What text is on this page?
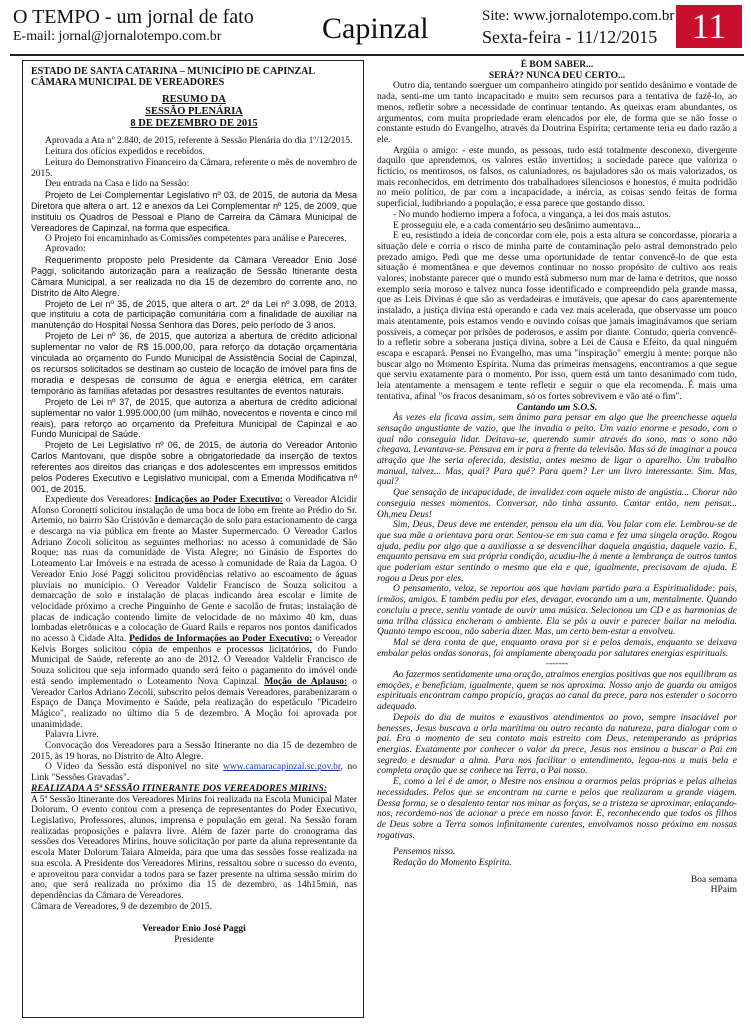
O TEMPO - um jornal de fato
E-mail: jornal@jornalotempo.com.br	Capinzal	Site: www.jornalotempo.com.br
Sexta-feira - 11/12/2015 11

ESTADO DE SANTA CATARINA – MUNICÍPIO DE CAPINZAL

CÂMARA MUNICIPAL DE VEREADORES

RESUMO DA

SESSÃO PLENÁRIA

8 DE DEZEMBRO DE 2015

Aprovada a Ata nº 2.840, de 2015, referente à Sessão Plenária do dia 1º/12/2015.

Leitura dos ofícios expedidos e recebidos.

Leitura do Demonstrativo Financeiro da Câmara, referente o mês de novembro de 2015.

Deu entrada na Casa e lido na Sessão:

Projeto de Lei Complementar Legislativo nº 03, de 2015, de autoria da Mesa Diretora que altera o art. 12 e anexos da Lei Complementar nº 125, de 2009, que instituiu os Quadros de Pessoal e Plano de Carreira da Câmara Municipal de Vereadores de Capinzal, na forma que especifica.

O Projeto foi encaminhado as Comissões competentes para análise e Pareceres.

Aprovado:

Requerimento proposto pelo Presidente da Câmara Vereador Enio José Paggi, solicitando autorização para a realização de Sessão Itinerante desta Câmara Municipal, a ser realizada no dia 15 de dezembro do corrente ano, no Distrito de Alto Alegre.

Projeto de Lei nº 35, de 2015, que altera o art. 2º da Lei nº 3.098, de 2013, que instituiu a cota de participação comunitária com a finalidade de auxiliar na manutenção do Hospital Nossa Senhora das Dores, pelo período de 3 anos.

Projeto de Lei nº 36, de 2015, que autoriza a abertura de crédito adicional suplementar no valor de R$ 15.000,00, para reforço da dotação orçamentária vinculada ao orçamento do Fundo Municipal de Assistência Social de Capinzal, os recursos solicitados se destinam ao custeio de locação de imóvel para fins de moradia e despesas de consumo de água e energia elétrica, em caráter temporário às famílias afetadas por desastres resultantes de eventos naturais.

Projeto de Lei nº 37, de 2015, que autoriza a abertura de crédito adicional suplementar no valor 1.995.000,00 (um milhão, novecentos e noventa e cinco mil reais), para reforço ao orçamento da Prefeitura Municipal de Capinzal e ao Fundo Municipal de Saúde.

Projeto de Lei Legislativo nº 06, de 2015, de autoria do Vereador Antonio Carlos Mantovani, que dispõe sobre a obrigatoriedade da inserção de textos referentes aos direitos das crianças e dos adolescentes em impressos emitidos pelos Poderes Executivo e Legislativo municipal, com a Emenda Modificativa nº 001, de 2015.

Expediente dos Vereadores: Indicações ao Poder Executivo: o Vereador Alcidir Afonso Coronetti solicitou instalação de uma boca de lobo em frente ao Prédio do Sr. Artemio, no bairro São Cristóvão e demarcação de solo para estacionamento de carga e descarga na via pública em frente ao Master Supermercado. O Vereador Carlos Adriano Zocoli solicitou as seguintes melhorias: no acesso à comunidade de São Roque; nas ruas da comunidade de Vista Alegre; no Ginásio de Esportes do Loteamento Lar Imóveis e na estrada de acesso à comunidade de Raia da Lagoa. O Vereador Enio José Paggi solicitou providências relativo ao escoamento de águas pluviais no município. O Vereador Valdelir Francisco de Souza solicitou a demarcação de solo e instalação de placas indicando área escolar e limite de velocidade próximo a creche Pinguinho de Gente e sacolão de frutas; instalação de placas de indicação contendo limite de velocidade de no máximo 40 km, duas lombadas eletrônicas e a colocação de Guard Rails e reparos nos pontos danificados no acesso à Cidade Alta. Pedidos de Informações ao Poder Executivo: o Vereador Kelvis Borges solicitou cópia de empenhos e processos licitatórios, do Fundo Municipal de Saúde, referente ao ano de 2012. O Vereador Valdelir Francisco de Souza solicitou que seja informado quando será feito o pagamento do imóvel onde está sendo implementado o Loteamento Nova Capinzal. Moção de Aplauso: o Vereador Carlos Adriano Zocoli, subscrito pelos demais Vereadores, parabenizaram o Espaço de Dança Movimento e Saúde, pela realização do espetáculo "Picadeiro Mágico", realizado no último dia 5 de dezembro. A Moção foi aprovada por unanimidade.

Palavra Livre.

Convocação dos Vereadores para a Sessão Itinerante no dia 15 de dezembro de 2015, às 19 horas, no Distrito de Alto Alegre.

O Vídeo da Sessão está disponível no site www.camaracapinzal.sc.gov.br, no Link "Sessões Gravadas".

REALIZADA A 5ª SESSÃO ITINERANTE DOS VEREADORES MIRINS:

A 5ª Sessão Itinerante dos Vereadores Mirins foi realizada na Escola Municipal Mater Dolorum. O evento contou com a presença de representantes do Poder Executivo, Legislativo, Professores, alunos, imprensa e população em geral. Na Sessão foram realizadas proposições e palavra livre. Além de fazer parte do cronograma das sessões dos Vereadores Mirins, houve solicitação por parte da aluna representante da escola Mater Dolorum Taiara Almeida, para que uma das sessões fosse realizada na sua escola. A Presidente dos Vereadores Mirins, ressaltou sobre o sucesso do evento, e aproveitou para convidar a todos para se fazer presente na ultima sessão mirim do ano, que será realizada no próximo dia 15 de dezembro, as 14h15min, nas dependências da Câmara de Vereadores.

Câmara de Vereadores, 9 de dezembro de 2015.

Vereador Enio José Paggi

Presidente

É BOM SABER...

SERÁ?? NUNCA DEU CERTO...

Outro dia, tentando soerguer um companheiro atingido por sentido desânimo e vontade de nada, senti-me um tanto incapacitado e muito sem recursos para a tentativa de fazê-lo, ao menos, refletir sobre a necessidade de continuar tentando. As queixas eram abundantes, os argumentos, com muita propriedade eram elencados por ele, de forma que se não fosse o constante estudo do Evangelho, através da Doutrina Espírita; certamente teria eu dado razão a ele.

Argüia o amigo: - este mundo, as pessoas, tudo está totalmente desconexo, divergente daquilo que aprendemos, os valores estão invertidos; a sociedade parece que valoriza o fictício, os mentirosos, os falsos, os caluniadores, os bajuladores são os mais valorizados, os mais reconhecidos, em detrimento dos trabalhadores silenciosos e honestos, é muita podridão no meio político, de par com a incapacidade, a inércia, as coisas sendo feitas de forma superficial, ludibriando a população, e essa parece que gostando disso.

- No mundo hodierno impera a fofoca, a vingança, a lei dos mais astutos.

E prosseguiu ele, e a cada comentário seu desânimo aumentava...

E eu, resistindo a ideia de concordar com ele, pois a esta altura se concordasse, pioraria a situação dele e corria o risco de minha parte de contaminação pelo astral demonstrado pelo prezado amigo. Pedi que me desse uma oportunidade de tentar convencê-lo de que esta situação é momentânea e que devemos continuar no nosso propósito de cultivo aos reais valores, inobstante parecer que o mundo está submerso num mar de lama e detritos, que nosso exemplo seria moroso e talvez nunca fosse identificado e compreendido pela grande massa, que as Leis Divinas é que são as verdadeiras e imutáveis, que apesar do caos aparentemente instalado, a justiça divina está operando e cada vez mais acelerada, que observasse um pouco mais atentamente, pois estamos vendo e ouvindo coisas que jamais imaginávamos que seriam possíveis, a começar por prisões de poderosos, e assim por diante. Contudo, queria convencê-lo a refletir sobre a soberana justiça divina, sobre a Lei de Causa e Efeito, da qual ninguém escapa e escapará. Pensei no Evangelho, mas uma "inspiração" emergiu à mente: porque não buscar algo no Momento Espírita. Numa das primeiras mensagens, encontramos a que segue que serviu exatamente para o momento. Por isso, quem está um tanto desanimado com tudo, leia atentamente a mensagem e tente refletir e seguir o que ela recomenda. É mais uma tentativa, afinal "os fracos desanimam, só os fortes sobrevivem e vão até o fim".

Cantando um S.O.S.

Às vezes ela ficava assim, sem ânimo para pensar em algo que lhe preenchesse aquela sensação angustiante de vazio, que lhe invadia o peito. Um vazio enorme e pesado, com o qual não conseguia lidar. Deitava-se, querendo sumir através do sono, mas o sono não chegava. Levantava-se. Pensava em ir para a frente da televisão. Mas só de imaginar a pouca atração que lhe seria oferecida, desistia, antes mesmo de ligar o aparelho. Um trabalho manual, talvez... Mas, qual? Para quê? Para quem? Ler um livro interessante. Sim. Mas, qual?

Que sensação de incapacidade, de invalidez com aquele misto de angústia... Chorar não conseguia nesses momentos. Conversar, não tinha assunto. Cantar então, nem pensar... Oh,meu Deus!

Sim, Deus, Deus deve me entender, pensou ela um dia. Vou falar com ele. Lembrou-se de que sua mãe a orientava para orar. Sentou-se em sua cama e fez uma singela oração. Rogou ajuda, pediu por algo que a auxiliasse a se desvencilhar daquela angústia, daquele vazio. E, enquanto pensava em sua própria condição, acudiu-lhe à mente a lembrança de outros tantos que poderiam estar sentindo o mesmo que ela e que, igualmente, precisavam de ajuda. E rogou a Deus por eles.

O pensamento, veloz, se reportou aos que haviam partido para a Espiritualidade: pais, irmãos, amigos. E também pediu por eles, devagar, evocando um a um, mentalmente. Quando concluiu a prece, sentiu vontade de ouvir uma música. Selecionou um CD e as harmonias de uma trilha clássica encheram o ambiente. Ela se pôs a ouvir e parecer bailar na melodia. Quanto tempo escoou, não saberia dizer. Mas, um certo bem-estar a envolveu.

Mal se dera conta de que, enquanto orava por si e pelos demais, enquanto se deixava embalar pelas ondas sonoras, foi amplamente abençoada por salutares energias espirituais.

-------

Ao fazermos sentidamente uma oração, atraímos energias positivas que nos equilibram as emoções, e beneficiam, igualmente, quem se nos aproxima. Nosso anjo de guarda ou amigos espirituais encontram campo propício, graças ao canal da prece, para nos estender o socorro adequado.

Depois do dia de muitos e exaustivos atendimentos ao povo, sempre insaciável por benesses, Jesus buscava a orla marítima ou outro recanto da natureza, para dialogar com o pai. Era o momento de seu contato mais estreito com Deus, retemperando as próprias energias. Exatamente por conhecer o valor da prece, Jesus nos ensinou a buscar o Pai em segredo e desnudar a alma. Para nos facilitar o entendimento, legou-nos a mais bela e completa oração que se conhece na Terra, o Pai nosso.

E, como a lei é de amor, o Mestre nos ensinou a orarmos pelas próprias e pelas alheias necessidades. Pelos que se encontram na carne e pelos que realizaram a grande viagem. Dessa forma, se o desalento tentar nos minar as forças, se a tristeza se aproximar, enlaçando-nos, recordemo-nos de acionar a prece em nosso favor. E, reconhecendo que todos os filhos de Deus sobre a Terra somos infinitamente carentes, envolvamos nosso próximo em nossas rogativas.

Pensemos nisso.

Redação do Momento Espírita.

Boa semana

HPaim
